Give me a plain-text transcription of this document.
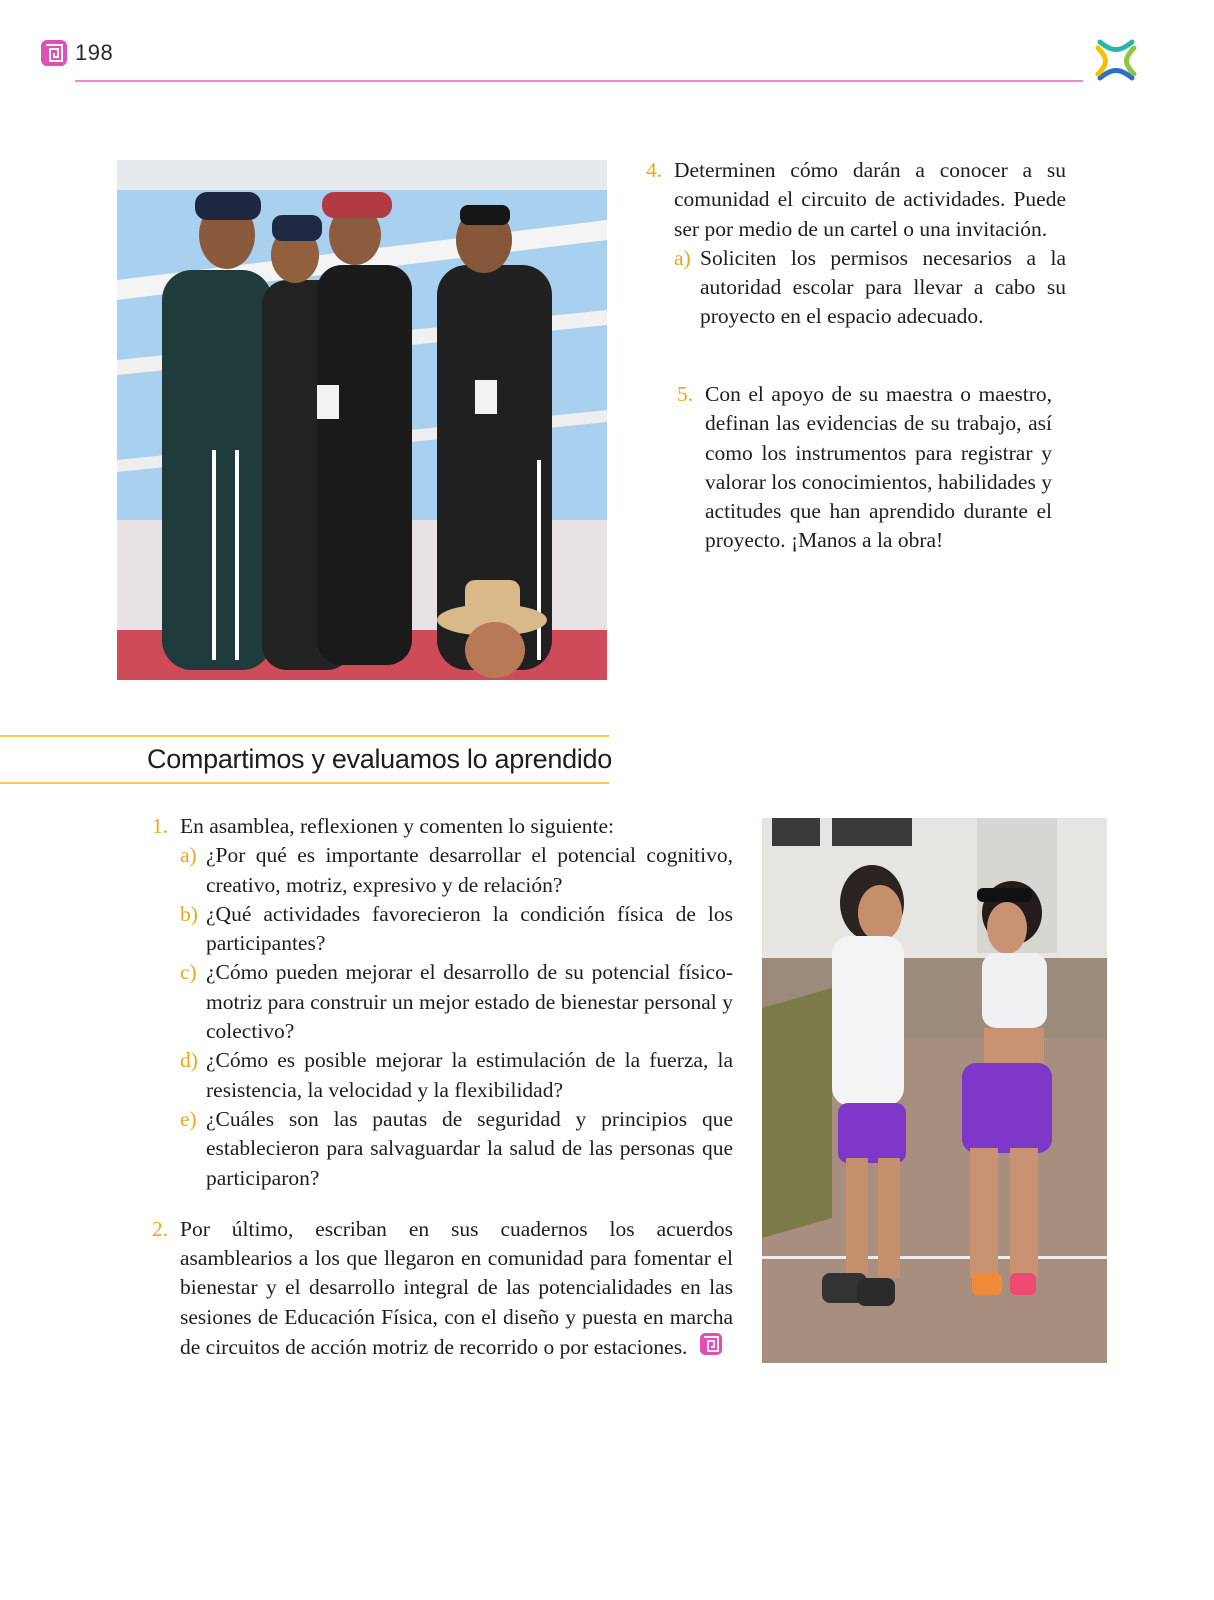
198
4. Determinen cómo darán a conocer a su comunidad el circuito de actividades. Puede ser por medio de un cartel o una invitación.
a) Soliciten los permisos necesarios a la autoridad escolar para llevar a cabo su proyecto en el espacio adecuado.
5. Con el apoyo de su maestra o maestro, definan las evidencias de su trabajo, así como los instrumentos para registrar y valorar los conocimientos, habilidades y actitudes que han aprendido durante el proyecto. ¡Manos a la obra!
Compartimos y evaluamos lo aprendido
1. En asamblea, reflexionen y comenten lo siguiente:
a) ¿Por qué es importante desarrollar el potencial cognitivo, creativo, motriz, expresivo y de relación?
b) ¿Qué actividades favorecieron la condición física de los participantes?
c) ¿Cómo pueden mejorar el desarrollo de su potencial físico-motriz para construir un mejor estado de bienestar personal y colectivo?
d) ¿Cómo es posible mejorar la estimulación de la fuerza, la resistencia, la velocidad y la flexibilidad?
e) ¿Cuáles son las pautas de seguridad y principios que establecieron para salvaguardar la salud de las personas que participaron?
2. Por último, escriban en sus cuadernos los acuerdos asamblearios a los que llegaron en comunidad para fomentar el bienestar y el desarrollo integral de las potencialidades en las sesiones de Educación Física, con el diseño y puesta en marcha de circuitos de acción motriz de recorrido o por estaciones.
